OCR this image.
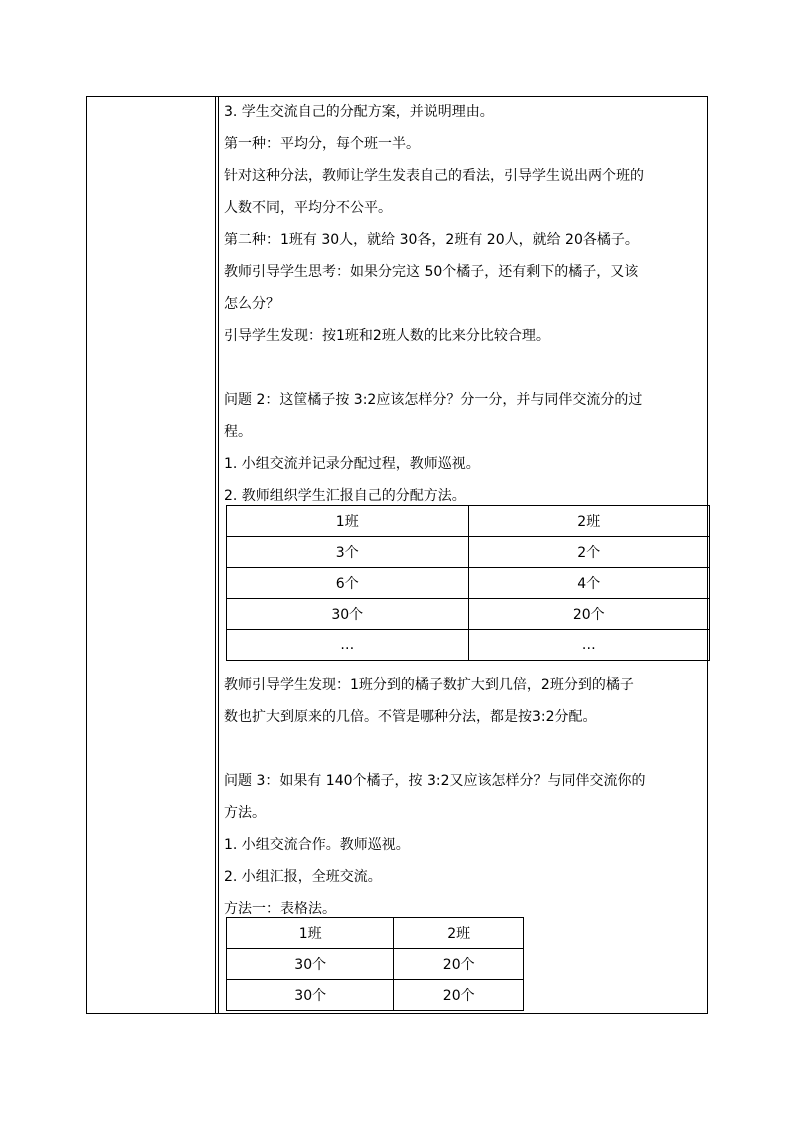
3. 学生交流自己的分配方案，并说明理由。
第一种：平均分，每个班一半。
针对这种分法，教师让学生发表自己的看法，引导学生说出两个班的
人数不同，平均分不公平。
第二种：1班有 30人，就给 30各，2班有 20人，就给 20各橘子。
教师引导学生思考：如果分完这 50个橘子，还有剩下的橘子，又该
怎么分？
引导学生发现：按1班和2班人数的比来分比较合理。
问题 2：这筐橘子按 3:2应该怎样分？分一分，并与同伴交流分的过
程。
1. 小组交流并记录分配过程，教师巡视。
2. 教师组织学生汇报自己的分配方法。
1班	2班
3个	2个
6个	4个
30个	20个
…	…
教师引导学生发现：1班分到的橘子数扩大到几倍，2班分到的橘子
数也扩大到原来的几倍。不管是哪种分法，都是按3:2分配。
问题 3：如果有 140个橘子，按 3:2又应该怎样分？与同伴交流你的
方法。
1. 小组交流合作。教师巡视。
2. 小组汇报，全班交流。
方法一：表格法。
1班	2班
30个	20个
30个	20个
